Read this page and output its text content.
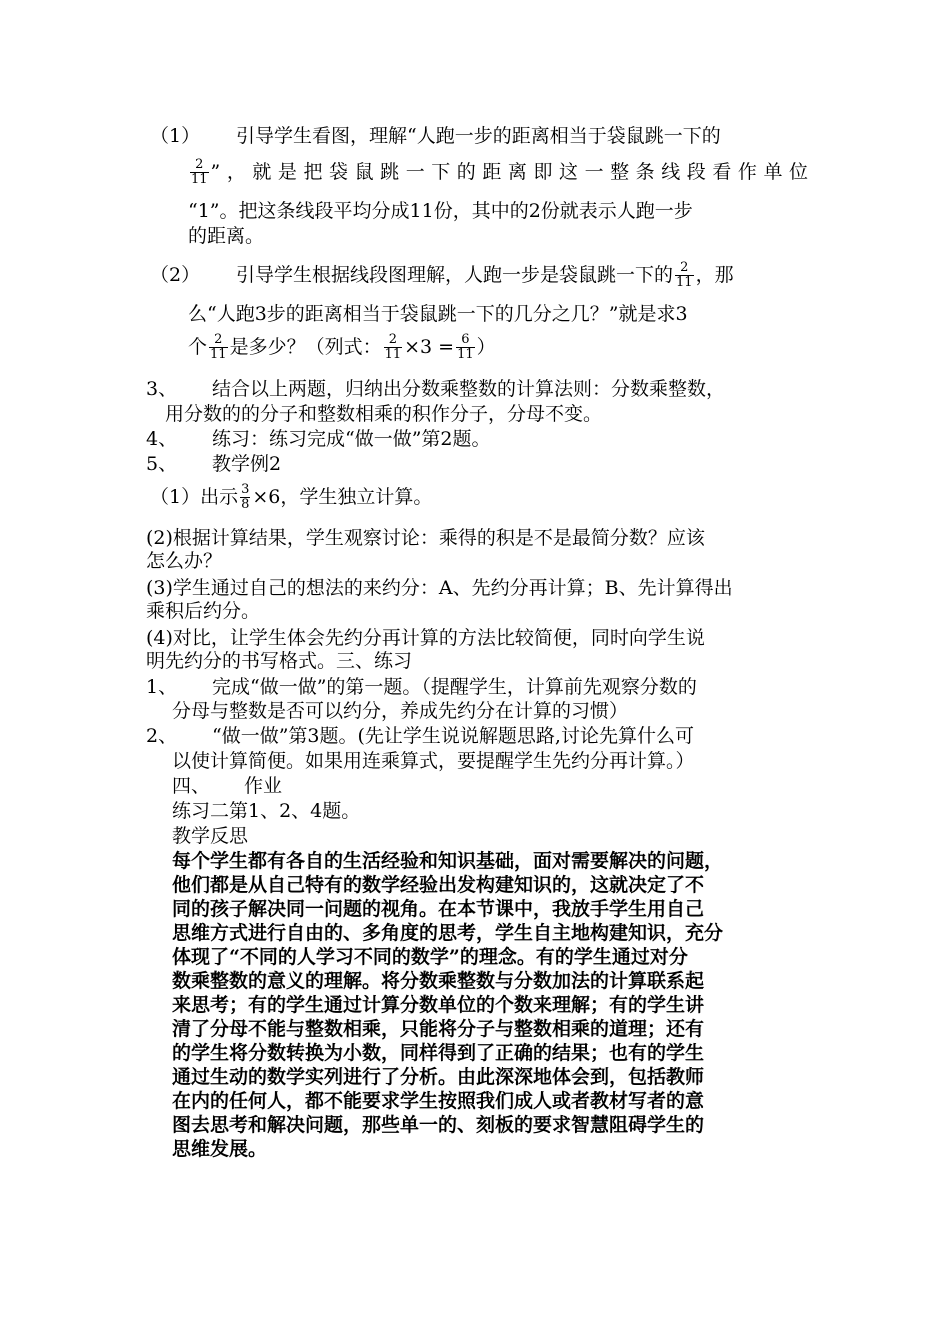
（1） 引导学生看图，理解“人跑一步的距离相当于袋鼠跳一下的
$\frac{2}{11}$ ”，就是把袋鼠跳一下的距离即这一整条线段看作单位
“1”。把这条线段平均分成11份，其中的2份就表示人跑一步
的距离。
（2） 引导学生根据线段图理解，人跑一步是袋鼠跳一下的 $\frac{2}{11}$ ，那
么“人跑3步的距离相当于袋鼠跳一下的几分之几？”就是求3
个 $\frac{2}{11}$ 是多少？（列式： $\frac{2}{11} \times 3 = \frac{6}{11}$ ）
3、 结合以上两题，归纳出分数乘整数的计算法则：分数乘整数，
用分数的的分子和整数相乘的积作分子，分母不变。
4、 练习：练习完成“做一做”第2题。
5、 教学例2
（1）出示 $\frac{3}{8} \times 6$，学生独立计算。
(2)根据计算结果，学生观察讨论：乘得的积是不是最简分数？应该
怎么办？
(3)学生通过自己的想法的来约分：A、先约分再计算；B、先计算得出
乘积后约分。
(4)对比，让学生体会先约分再计算的方法比较简便，同时向学生说
明先约分的书写格式。三、练习
1、 完成“做一做”的第一题。（提醒学生，计算前先观察分数的
分母与整数是否可以约分，养成先约分在计算的习惯）
2、 “做一做”第3题。(先让学生说说解题思路,讨论先算什么可
以使计算简便。如果用连乘算式，要提醒学生先约分再计算。）
四、 作业
练习二第1、2、4题。
教学反思
每个学生都有各自的生活经验和知识基础，面对需要解决的问题，
他们都是从自己特有的数学经验出发构建知识的，这就决定了不
同的孩子解决同一问题的视角。在本节课中，我放手学生用自己
思维方式进行自由的、多角度的思考，学生自主地构建知识，充分
体现了“不同的人学习不同的数学”的理念。有的学生通过对分
数乘整数的意义的理解。将分数乘整数与分数加法的计算联系起
来思考；有的学生通过计算分数单位的个数来理解；有的学生讲
清了分母不能与整数相乘，只能将分子与整数相乘的道理；还有
的学生将分数转换为小数，同样得到了正确的结果；也有的学生
通过生动的数学实列进行了分析。由此深深地体会到，包括教师
在内的任何人，都不能要求学生按照我们成人或者教材写者的意
图去思考和解决问题，那些单一的、刻板的要求智慧阻碍学生的
思维发展。
